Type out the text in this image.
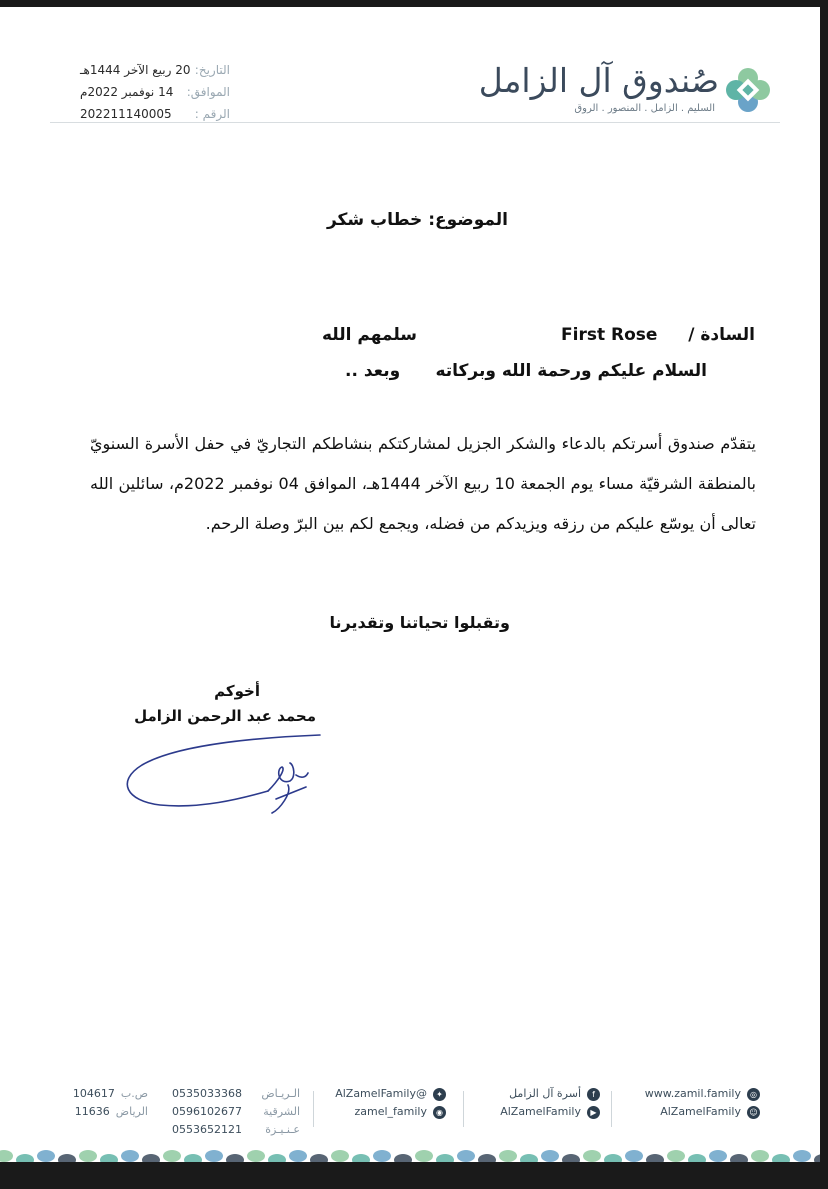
صُندوق آل الزامل
السليم . الزامل . المنصور . الروق
التاريخ:
20 ربيع الآخر 1444هـ
الموافق:
14 نوفمبر 2022م
الرقم :
202211140005
الموضوع: خطاب شكر
السادة /
First Rose
سلمهم الله
السلام عليكم ورحمة الله وبركاته
وبعد ..
يتقدّم صندوق أسرتكم بالدعاء والشكر الجزيل لمشاركتكم بنشاطكم التجاريّ في حفل الأسرة السنويّ بالمنطقة الشرقيّة مساء يوم الجمعة 10 ربيع الآخر 1444هـ، الموافق 04 نوفمبر 2022م، سائلين الله تعالى أن يوسّع عليكم من رزقه ويزيدكم من فضله، ويجمع لكم بين البرّ وصلة الرحم.
وتقبلوا تحياتنا وتقديرنا
أخوكم
محمد عبد الرحمن الزامل
◎
www.zamil.family
☺
AlZamelFamily
f
أسرة آل الزامل
▶
AlZamelFamily
✦
@AlZamelFamily
◉
zamel_family
الـريـاض
0535033368
الشرقية
0596102677
عـنـيـزة
0553652121
ص.ب
104617
الرياض
11636
